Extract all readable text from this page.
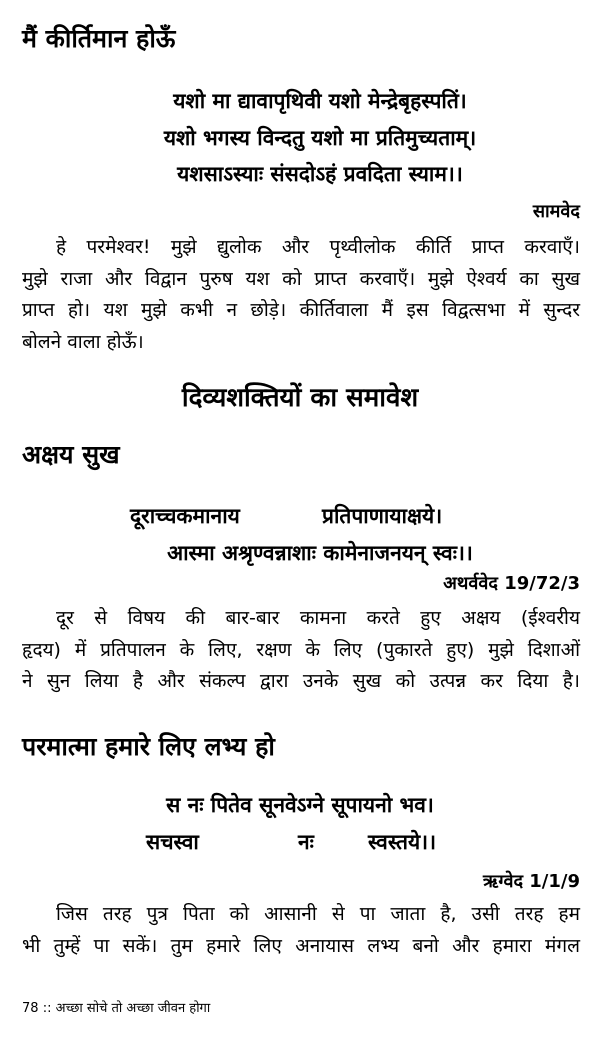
मैं कीर्तिमान होऊँ
यशो मा द्यावापृथिवी यशो मेन्द्रेबृहस्पतिं।
यशो भगस्य विन्दतु यशो मा प्रतिमुच्यताम्।
यशसाऽस्याः संसदोऽहं प्रवदिता स्याम।।
सामवेद
हे परमेश्वर! मुझे द्युलोक और पृथ्वीलोक कीर्ति प्राप्त करवाएँ।
मुझे राजा और विद्वान पुरुष यश को प्राप्त करवाएँ। मुझे ऐश्वर्य का सुख
प्राप्त हो। यश मुझे कभी न छोड़े। कीर्तिवाला मैं इस विद्वत्सभा में सुन्दर
बोलने वाला होऊँ।
दिव्यशक्तियों का समावेश
अक्षय सुख
दूराच्चकमानाय	प्रतिपाणायाक्षये।
आस्मा अश्रृण्वन्नाशाः कामेनाजनयन् स्वः।।
अथर्ववेद 19/72/3
दूर से विषय की बार-बार कामना करते हुए अक्षय (ईश्वरीय
हृदय) में प्रतिपालन के लिए, रक्षण के लिए (पुकारते हुए) मुझे दिशाओं
ने सुन लिया है और संकल्प द्वारा उनके सुख को उत्पन्न कर दिया है।
परमात्मा हमारे लिए लभ्य हो
स नः पितेव सूनवेऽग्ने सूपायनो भव।
सचस्वा	नः	स्वस्तये।।
ऋग्वेद 1/1/9
जिस तरह पुत्र पिता को आसानी से पा जाता है, उसी तरह हम
भी तुम्हें पा सकें। तुम हमारे लिए अनायास लभ्य बनो और हमारा मंगल
78 :: अच्छा सोचे तो अच्छा जीवन होगा
